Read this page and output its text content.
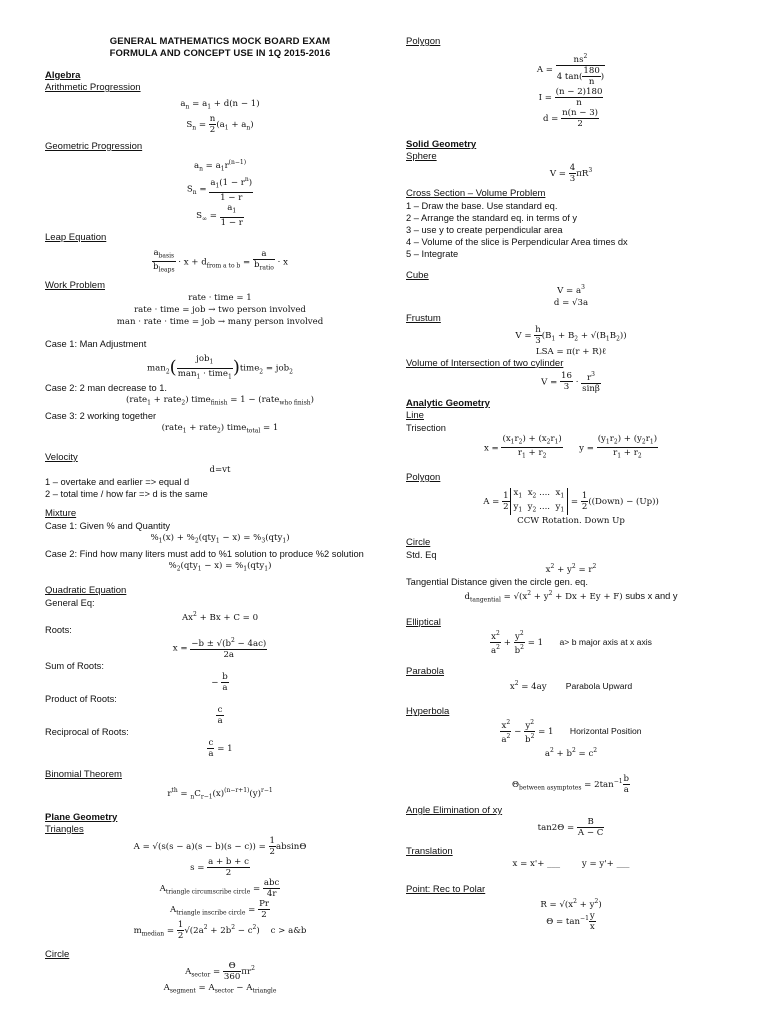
GENERAL MATHEMATICS MOCK BOARD EXAM
FORMULA AND CONCEPT USE IN 1Q 2015-2016
Algebra
Arithmetic Progression
$a_n = a_1 + d(n - 1)$
$S_n = \frac{n}{2} (a_1 + a_n)$
Geometric Progression
$a_n = a_1r^{(n-1)}$
$S_n = \frac{a_1(1 - r^n)}{1 - r}$
$S_\infty = \frac{a_1}{1 - r}$
Leap Equation
$\frac{a_{basis}}{b_{leaps}} \cdot x + d_{from a to b} = \frac{a}{b_{ratio}} \cdot x$
Work Problem
rate · time = 1
rate · time = job → two person involved
man · rate · time = job → many person involved
Case 1: Man Adjustment
$man_2( \frac{job_1}{man_1 \cdot time_1}$ )time$_2$ = job$_2$
Case 2: 2 man decrease to 1.
(rate$_1$ + rate$_2$) time$_{finish}$ = 1 − (rate$_{who finish}$)
Case 3: 2 working together
(rate$_1$ + rate$_2$) time$_{total}$ = 1
Velocity
d=vt
1 – overtake and earlier => equal d
2 – total time / how far => d is the same
Mixture
Case 1: Given % and Quantity
$\%_1(x) + \%_2(qty_1 - x) = \%_3(qty_1)$
Case 2: Find how many liters must add to %1 solution to produce %2 solution
$\%_2(qty_1 - x) = \%_1(qty_1)$
Quadratic Equation
General Eq:
$Ax^2 + Bx + C = 0$
Roots:
$x = \frac{-b \pm √(b^2 - 4ac)}{2a}$
Sum of Roots:
− $\frac{b}{a}$
Product of Roots:
$\frac{c}{a}$
Reciprocal of Roots:
$\frac{c}{a} = 1$
Binomial Theorem
$r^{th} = _nC_{r-1}(x)^{(n-r+1)}(y)^{r-1}$
Plane Geometry
Triangles
$A = √(s(s - a)(s - b)(s - c)) = \frac{1}{2}$ absinΘ
$s = \frac{a + b + c}{2}$
$A_{triangle circumscribe circle} = \frac{\text{abc}}{4r}$
$A_{triangle inscribe circle} = \frac{Pr}{2}$
$m_{median} = \frac{1}{2} √(2a^2 + 2b^2 - c^2)$    c > a&b
Circle
$A_{sector} = \frac{\Theta}{360} \pi r^2$
$A_{segment} = A_{sector} - A_{triangle}$
Polygon
$A = \frac{ns^2}{4 \tan( \frac{180}{n} )}$
$I = \frac{(n - 2)180}{n}$
$d = \frac{n(n - 3)}{2}$
Solid Geometry
Sphere
$V = \frac{4}{3} \pi R^3$
Cross Section – Volume Problem
1 – Draw the base. Use standard eq.
2 – Arrange the standard eq. in terms of y
3 – use y to create perpendicular area
4 – Volume of the slice is Perpendicular Area times dx
5 – Integrate
Cube
$V = a^3$
d = √3a
Frustum
$V = \frac{h}{3} (B_1 + B_2 + √(B_1B_2))$
LSA = π(r + R)ℓ
Volume of Intersection of two cylinder
$V = \frac{16}{3} \cdot \frac{r^3}{\sin\beta}$
Analytic Geometry
Line
Trisection
$x = \frac{(x_1r_2) + (x_2r_1)}{r_1 + r_2}$ $y = \frac{(y_1r_2) + (y_2r_1)}{r_1 + r_2}$
Polygon
$A = \frac{1}{2} x_1$  $x_2$ ....  $x_1$
$y_1$  $y_2$ ....  $y_1 = \frac{1}{2}$ ((Down) − (Up))
CCW Rotation. Down Up
Circle
Std. Eq
$x^2 + y^2 = r^2$
Tangential Distance given the circle gen. eq.
$d_{tangential} = √(x^2 + y^2 + Dx + Ey + F)$ subs x and y
Elliptical
$\frac{x^2}{a^2} + \frac{y^2}{b^2} = 1$      a> b major axis at x axis
Parabola
$x^2 = 4ay$       Parabola Upward
Hyperbola
$\frac{x^2}{a^2} - \frac{y^2}{b^2} = 1$      Horizontal Position
$a^2 + b^2 = c^2$
$\Theta_{between asymptotes} = 2\tan^{-1} \frac{b}{a}$
Angle Elimination of xy
$\tan 2\Theta = \frac{B}{A - C}$
Translation
x = x'+ ___        y = y'+ ___
Point: Rec to Polar
$R = √(x^2 + y^2)$
$\Theta = \tan^{-1} \frac{y}{x}$
